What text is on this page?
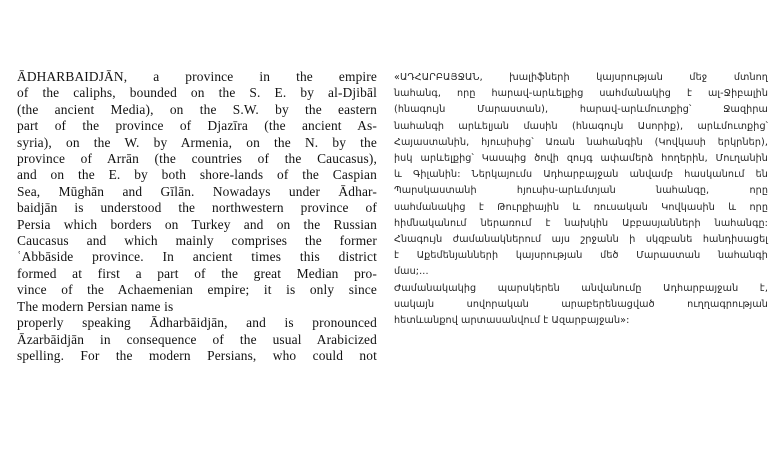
ĀDHARBAIDJĀN, a province in the empire
of the caliphs, bounded on the S. E. by al-Djibāl
(the ancient Media), on the S.W. by the eastern
part of the province of Djazīra (the ancient As-
syria), on the W. by Armenia, on the N. by the
province of Arrān (the countries of the Caucasus),
and on the E. by both shore-lands of the Caspian
Sea, Mūghān and Gīlān. Nowadays under Ādhar-
baidjān is understood the northwestern province of
Persia which borders on Turkey and on the Russian
Caucasus and which mainly comprises the former
ʿAbbāside province. In ancient times this district
formed at first a part of the great Median pro-
vince of the Achaemenian empire; it is only since
The modern Persian name is
properly speaking Ādharbāidjān, and is pronounced
Āzarbāidjān in consequence of the usual Arabicized
spelling. For the modern Persians, who could not
«ԱԴՀԱՐԲԱՅՋԱՆ, խալիֆների կայսրության մեջ մտնող
նահանգ, որը հարավ-արևելքից սահմանակից է ալ-Ջիբալին
(հնագույն Մարաստան), հարավ-արևմուտքից՝ Ջազիրա
նահանգի արևելյան մասին (հնագույն Ասորիք), արևմուտքից՝
Հայաստանին, հյուսիսից՝ Առան նահանգին (Կովկասի երկրներ),
իսկ արևելքից՝ Կասպից ծովի զույգ ափամերձ հողերին, Մուղանին
և Գիլանին: Ներկայումս Ադհարբայջան անվամբ հասկանում են
Պարսկաստանի հյուսիս-արևմտյան նահանգը, որը
սահմանակից է Թուրքիային և ռուսական Կովկասին և որը
հիմնականում ներառում է նախկին Աբբասյանների նահանգը:
Հնագույն ժամանակներում այս շրջանն ի սկզբանե հանդիսացել
է Աքեմենյանների կայսրության մեծ Մարաստան նահանգի
մաս;...
Ժամանակակից պարսկերեն անվանումը Ադհարբայջան է,
սակայն սովորական արաբերենացված ուղղագրության
հետևանքով արտասանվում է Ազարբայջան»:
